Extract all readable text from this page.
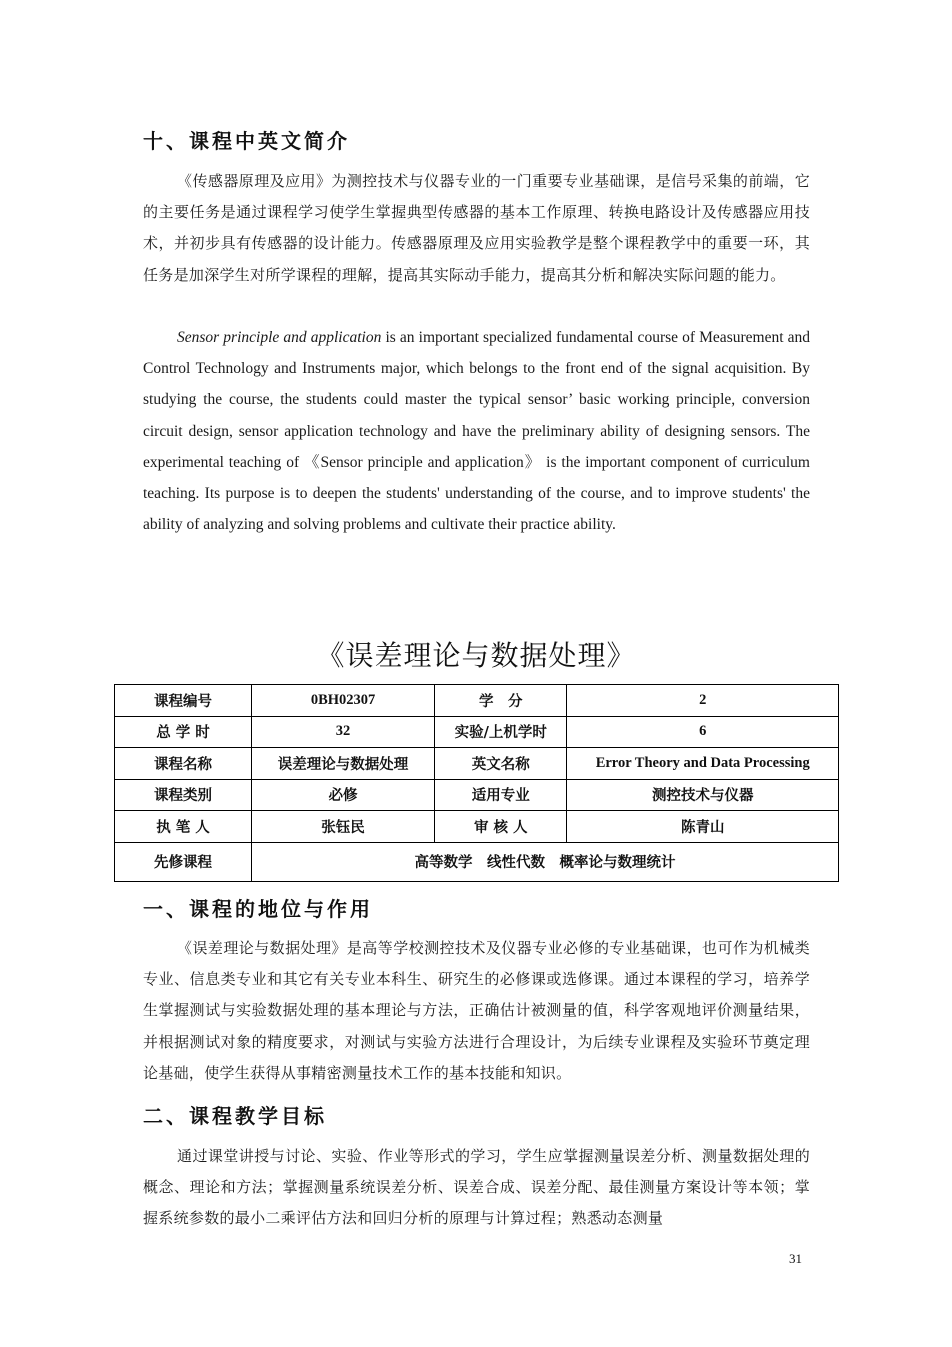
十、课程中英文简介

《传感器原理及应用》为测控技术与仪器专业的一门重要专业基础课，是信号采集的前端，它的主要任务是通过课程学习使学生掌握典型传感器的基本工作原理、转换电路设计及传感器应用技术，并初步具有传感器的设计能力。传感器原理及应用实验教学是整个课程教学中的重要一环，其任务是加深学生对所学课程的理解，提高其实际动手能力，提高其分析和解决实际问题的能力。

Sensor principle and application is an important specialized fundamental course of Measurement and Control Technology and Instruments major, which belongs to the front end of the signal acquisition. By studying the course, the students could master the typical sensor’ basic working principle, conversion circuit design, sensor application technology and have the preliminary ability of designing sensors. The experimental teaching of 《Sensor principle and application》 is the important component of curriculum teaching. Its purpose is to deepen the students' understanding of the course, and to improve students' the ability of analyzing and solving problems and cultivate their practice ability.

《误差理论与数据处理》
课程编号	0BH02307	学　分	2
总 学 时	32	实验/上机学时	6
课程名称	误差理论与数据处理	英文名称	Error Theory and Data Processing
课程类别	必修	适用专业	测控技术与仪器
执 笔 人	张钰民	审 核 人	陈青山
先修课程	高等数学　线性代数　概率论与数理统计		
一、课程的地位与作用

《误差理论与数据处理》是高等学校测控技术及仪器专业必修的专业基础课，也可作为机械类专业、信息类专业和其它有关专业本科生、研究生的必修课或选修课。通过本课程的学习，培养学生掌握测试与实验数据处理的基本理论与方法，正确估计被测量的值，科学客观地评价测量结果，并根据测试对象的精度要求，对测试与实验方法进行合理设计，为后续专业课程及实验环节奠定理论基础，使学生获得从事精密测量技术工作的基本技能和知识。

二、课程教学目标

通过课堂讲授与讨论、实验、作业等形式的学习，学生应掌握测量误差分析、测量数据处理的概念、理论和方法；掌握测量系统误差分析、误差合成、误差分配、最佳测量方案设计等本领；掌握系统参数的最小二乘评估方法和回归分析的原理与计算过程；熟悉动态测量

31
